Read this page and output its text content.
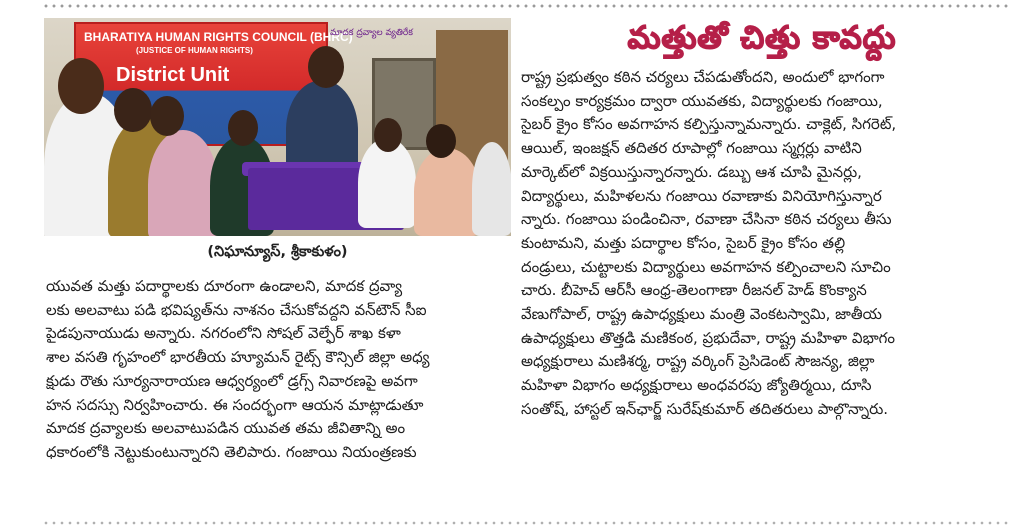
BHARATIYA HUMAN RIGHTS COUNCIL (BHRC)
(JUSTICE OF HUMAN RIGHTS)
District Unit
మాదక ద్రవ్యాల వ్యతిరేక
(నిఘాన్యూస్‌, శ్రీకాకుళం)

యువత మత్తు పదార్థాలకు దూరంగా ఉండాలని, మాదక ద్రవ్యా

లకు అలవాటు పడి భవిష్యత్‌ను నాశనం చేసుకోవద్దని వన్‌టౌన్‌ సీఐ

పైడపునాయుడు అన్నారు. నగరంలోని సోషల్‌ వెల్ఫేర్‌ శాఖ కళా

శాల వసతి గృహంలో భారతీయ హ్యూమన్‌ రైట్స్‌ కౌన్సిల్‌ జిల్లా అధ్య

క్షుడు రౌతు సూర్యనారాయణ ఆధ్వర్యంలో డ్రగ్స్‌ నివారణపై అవగా

హన సదస్సు నిర్వహించారు. ఈ సందర్భంగా ఆయన మాట్లాడుతూ

మాదక ద్రవ్యాలకు అలవాటుపడిన యువత తమ జీవితాన్ని అం

ధకారంలోకి నెట్టుకుంటున్నారని తెలిపారు. గంజాయి నియంత్రణకు

మత్తుతో చిత్తు కావద్దు

రాష్ట్ర ప్రభుత్వం కఠిన చర్యలు చేపడుతోందని, అందులో భాగంగా

సంకల్పం కార్యక్రమం ద్వారా యువతకు, విద్యార్థులకు గంజాయి,

సైబర్‌ క్రైం కోసం అవగాహన కల్పిస్తున్నామన్నారు. చాక్లెట్‌, సిగరెట్‌,

ఆయిల్‌, ఇంజక్షన్‌ తదితర రూపాల్లో గంజాయి స్మగ్లర్లు వాటిని

మార్కెట్‌లో విక్రయిస్తున్నారన్నారు. డబ్బు ఆశ చూపి మైనర్లు,

విద్యార్థులు, మహిళలను గంజాయి రవాణాకు వినియోగిస్తున్నార

న్నారు. గంజాయి పండించినా, రవాణా చేసినా కఠిన చర్యలు తీసు

కుంటామని, మత్తు పదార్థాల కోసం, సైబర్‌ క్రైం కోసం తల్లి

దండ్రులు, చుట్టాలకు విద్యార్థులు అవగాహన కల్పించాలని సూచిం

చారు. బీహెచ్‌ ఆర్‌సీ ఆంధ్ర-తెలంగాణా రీజనల్‌ హెడ్‌ కొంక్యాన

వేణుగోపాల్‌, రాష్ట్ర ఉపాధ్యక్షులు మంత్రి వెంకటస్వామి, జాతీయ

ఉపాధ్యక్షులు తొత్తడి మణికంఠ, ప్రభుదేవా, రాష్ట్ర మహిళా విభాగం

అధ్యక్షురాలు మణిశర్మ, రాష్ట్ర వర్కింగ్‌ ప్రెసిడెంట్‌ సౌజన్య, జిల్లా

మహిళా విభాగం అధ్యక్షురాలు అంధవరపు జ్యోతిర్మయి, దూసి

సంతోష్‌, హాస్టల్‌ ఇన్‌ఛార్జ్‌ సురేష్‌కుమార్‌ తదితరులు పాల్గొన్నారు.
